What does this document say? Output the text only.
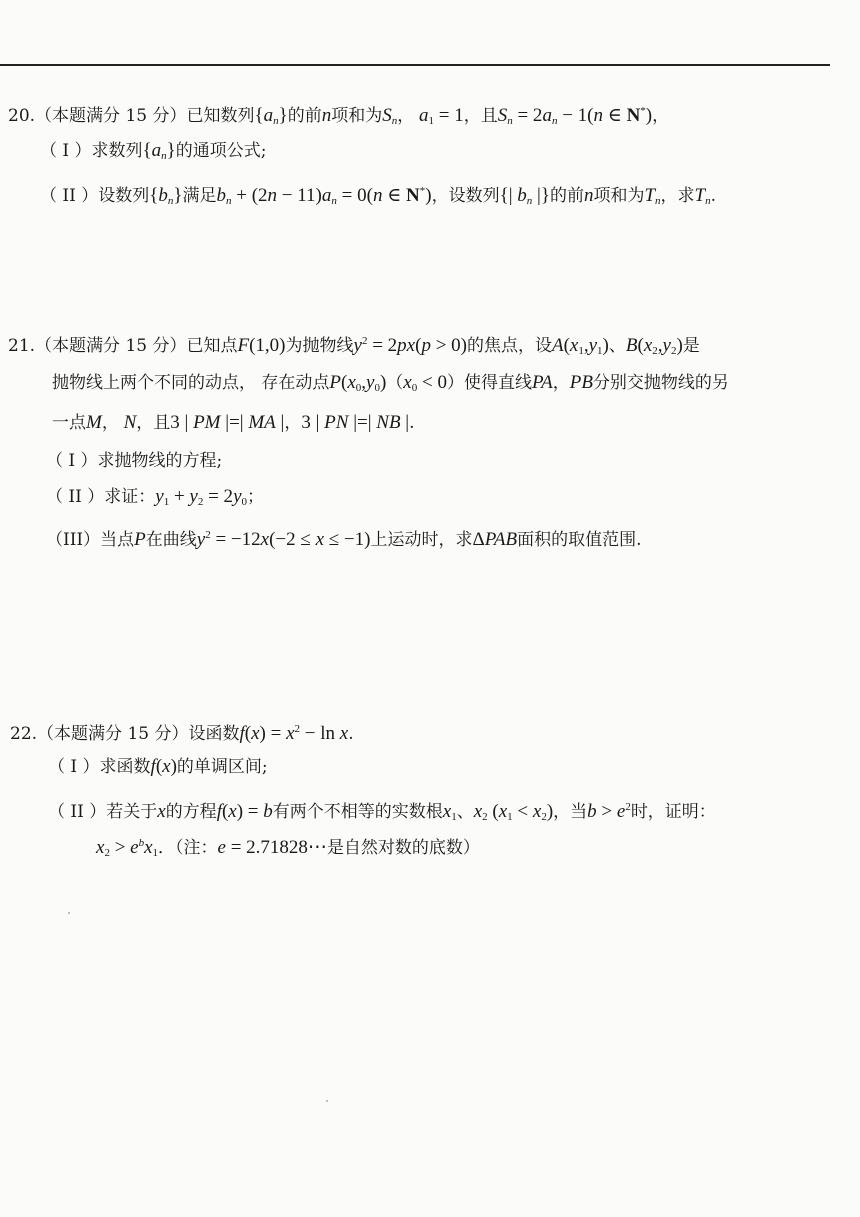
20.（本题满分 15 分）已知数列$\{a_n\}$的前n项和为$S_n$， $a_1 = 1$，且$S_n = 2a_n - 1(n$ ∈ N*)，
（ I ）求数列$\{a_n\}$的通项公式;
（ II ）设数列$\{b_n\}$满足$b_n + (2n - 11)a_n = 0(n$ ∈ N*)，设数列{| $b_n$ |}的前n项和为$T_n$，求$T_n$.
21.（本题满分 15 分）已知点F(1,0)为抛物线$y^2 = 2px(p > 0)$的焦点，设$A(x_1,y_1)$、$B(x_2,y_2)$是
抛物线上两个不同的动点， 存在动点$P(x_0,y_0)(x_0 < 0)$使得直线PA，PB分别交抛物线的另
一点M， N，且3 | PM |=| MA |，3 | PN |=| NB |.
（ I ）求抛物线的方程;
（ II ）求证：$y_1 + y_2 = 2y_0$；
（III）当点P在曲线$y^2 = -12x(-2 \le x \le -1)$上运动时，求ΔPAB面积的取值范围.
22.（本题满分 15 分）设函数$f(x) = x^2 - \ln x$.
（ I ）求函数f(x)的单调区间;
（ II ）若关于x的方程f(x) = b有两个不相等的实数根$x_1$、$x_2$ $(x_1 < x_2)$，当$b > e^2$时，证明：
$x_2 > e^bx_1$．（注：e = 2.71828⋯是自然对数的底数）
